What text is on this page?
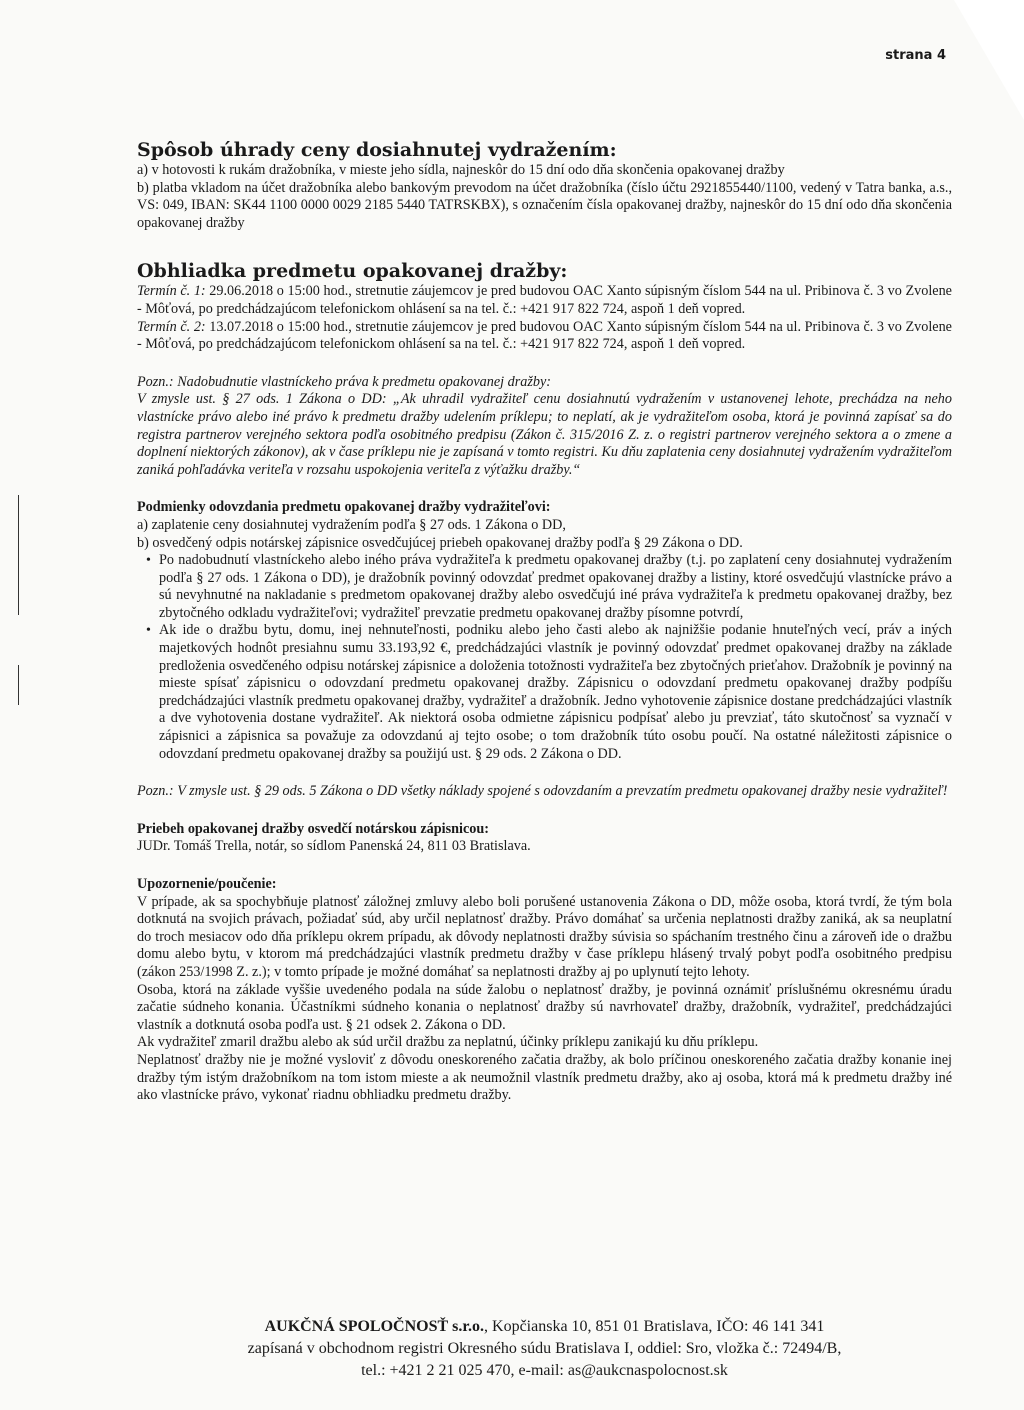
strana 4
Spôsob úhrady ceny dosiahnutej vydražením:

a) v hotovosti k rukám dražobníka, v mieste jeho sídla, najneskôr do 15 dní odo dňa skončenia opakovanej dražby

b) platba vkladom na účet dražobníka alebo bankovým prevodom na účet dražobníka (číslo účtu 2921855440/1100, vedený v Tatra banka, a.s., VS: 049, IBAN: SK44 1100 0000 0029 2185 5440 TATRSKBX), s označením čísla opakovanej dražby, najneskôr do 15 dní odo dňa skončenia opakovanej dražby

Obhliadka predmetu opakovanej dražby:

Termín č. 1: 29.06.2018 o 15:00 hod., stretnutie záujemcov je pred budovou OAC Xanto súpisným číslom 544 na ul. Pribinova č. 3 vo Zvolene - Môťová, po predchádzajúcom telefonickom ohlásení sa na tel. č.: +421 917 822 724, aspoň 1 deň vopred.

Termín č. 2: 13.07.2018 o 15:00 hod., stretnutie záujemcov je pred budovou OAC Xanto súpisným číslom 544 na ul. Pribinova č. 3 vo Zvolene - Môťová, po predchádzajúcom telefonickom ohlásení sa na tel. č.: +421 917 822 724, aspoň 1 deň vopred.

Pozn.: Nadobudnutie vlastníckeho práva k predmetu opakovanej dražby:

V zmysle ust. § 27 ods. 1 Zákona o DD: „Ak uhradil vydražiteľ cenu dosiahnutú vydražením v ustanovenej lehote, prechádza na neho vlastnícke právo alebo iné právo k predmetu dražby udelením príklepu; to neplatí, ak je vydražiteľom osoba, ktorá je povinná zapísať sa do registra partnerov verejného sektora podľa osobitného predpisu (Zákon č. 315/2016 Z. z. o registri partnerov verejného sektora a o zmene a doplnení niektorých zákonov), ak v čase príklepu nie je zapísaná v tomto registri. Ku dňu zaplatenia ceny dosiahnutej vydražením vydražiteľom zaniká pohľadávka veriteľa v rozsahu uspokojenia veriteľa z výťažku dražby.“

Podmienky odovzdania predmetu opakovanej dražby vydražiteľovi:

a) zaplatenie ceny dosiahnutej vydražením podľa § 27 ods. 1 Zákona o DD,

b) osvedčený odpis notárskej zápisnice osvedčujúcej priebeh opakovanej dražby podľa § 29 Zákona o DD.

• Po nadobudnutí vlastníckeho alebo iného práva vydražiteľa k predmetu opakovanej dražby (t.j. po zaplatení ceny dosiahnutej vydražením podľa § 27 ods. 1 Zákona o DD), je dražobník povinný odovzdať predmet opakovanej dražby a listiny, ktoré osvedčujú vlastnícke právo a sú nevyhnutné na nakladanie s predmetom opakovanej dražby alebo osvedčujú iné práva vydražiteľa k predmetu opakovanej dražby, bez zbytočného odkladu vydražiteľovi; vydražiteľ prevzatie predmetu opakovanej dražby písomne potvrdí,
• Ak ide o dražbu bytu, domu, inej nehnuteľnosti, podniku alebo jeho časti alebo ak najnižšie podanie hnuteľných vecí, práv a iných majetkových hodnôt presiahnu sumu 33.193,92 €, predchádzajúci vlastník je povinný odovzdať predmet opakovanej dražby na základe predloženia osvedčeného odpisu notárskej zápisnice a doloženia totožnosti vydražiteľa bez zbytočných prieťahov. Dražobník je povinný na mieste spísať zápisnicu o odovzdaní predmetu opakovanej dražby. Zápisnicu o odovzdaní predmetu opakovanej dražby podpíšu predchádzajúci vlastník predmetu opakovanej dražby, vydražiteľ a dražobník. Jedno vyhotovenie zápisnice dostane predchádzajúci vlastník a dve vyhotovenia dostane vydražiteľ. Ak niektorá osoba odmietne zápisnicu podpísať alebo ju prevziať, táto skutočnosť sa vyznačí v zápisnici a zápisnica sa považuje za odovzdanú aj tejto osobe; o tom dražobník túto osobu poučí. Na ostatné náležitosti zápisnice o odovzdaní predmetu opakovanej dražby sa použijú ust. § 29 ods. 2 Zákona o DD.

Pozn.: V zmysle ust. § 29 ods. 5 Zákona o DD všetky náklady spojené s odovzdaním a prevzatím predmetu opakovanej dražby nesie vydražiteľ!

Priebeh opakovanej dražby osvedčí notárskou zápisnicou:

JUDr. Tomáš Trella, notár, so sídlom Panenská 24, 811 03 Bratislava.

Upozornenie/poučenie:

V prípade, ak sa spochybňuje platnosť záložnej zmluvy alebo boli porušené ustanovenia Zákona o DD, môže osoba, ktorá tvrdí, že tým bola dotknutá na svojich právach, požiadať súd, aby určil neplatnosť dražby. Právo domáhať sa určenia neplatnosti dražby zaniká, ak sa neuplatní do troch mesiacov odo dňa príklepu okrem prípadu, ak dôvody neplatnosti dražby súvisia so spáchaním trestného činu a zároveň ide o dražbu domu alebo bytu, v ktorom má predchádzajúci vlastník predmetu dražby v čase príklepu hlásený trvalý pobyt podľa osobitného predpisu (zákon 253/1998 Z. z.); v tomto prípade je možné domáhať sa neplatnosti dražby aj po uplynutí tejto lehoty.

Osoba, ktorá na základe vyššie uvedeného podala na súde žalobu o neplatnosť dražby, je povinná oznámiť príslušnému okresnému úradu začatie súdneho konania. Účastníkmi súdneho konania o neplatnosť dražby sú navrhovateľ dražby, dražobník, vydražiteľ, predchádzajúci vlastník a dotknutá osoba podľa ust. § 21 odsek 2. Zákona o DD.

Ak vydražiteľ zmaril dražbu alebo ak súd určil dražbu za neplatnú, účinky príklepu zanikajú ku dňu príklepu.

Neplatnosť dražby nie je možné vysloviť z dôvodu oneskoreného začatia dražby, ak bolo príčinou oneskoreného začatia dražby konanie inej dražby tým istým dražobníkom na tom istom mieste a ak neumožnil vlastník predmetu dražby, ako aj osoba, ktorá má k predmetu dražby iné ako vlastnícke právo, vykonať riadnu obhliadku predmetu dražby.

AUKČNÁ SPOLOČNOSŤ s.r.o., Kopčianska 10, 851 01 Bratislava, IČO: 46 141 341
zapísaná v obchodnom registri Okresného súdu Bratislava I, oddiel: Sro, vložka č.: 72494/B,
tel.: +421 2 21 025 470, e-mail: as@aukcnaspolocnost.sk
